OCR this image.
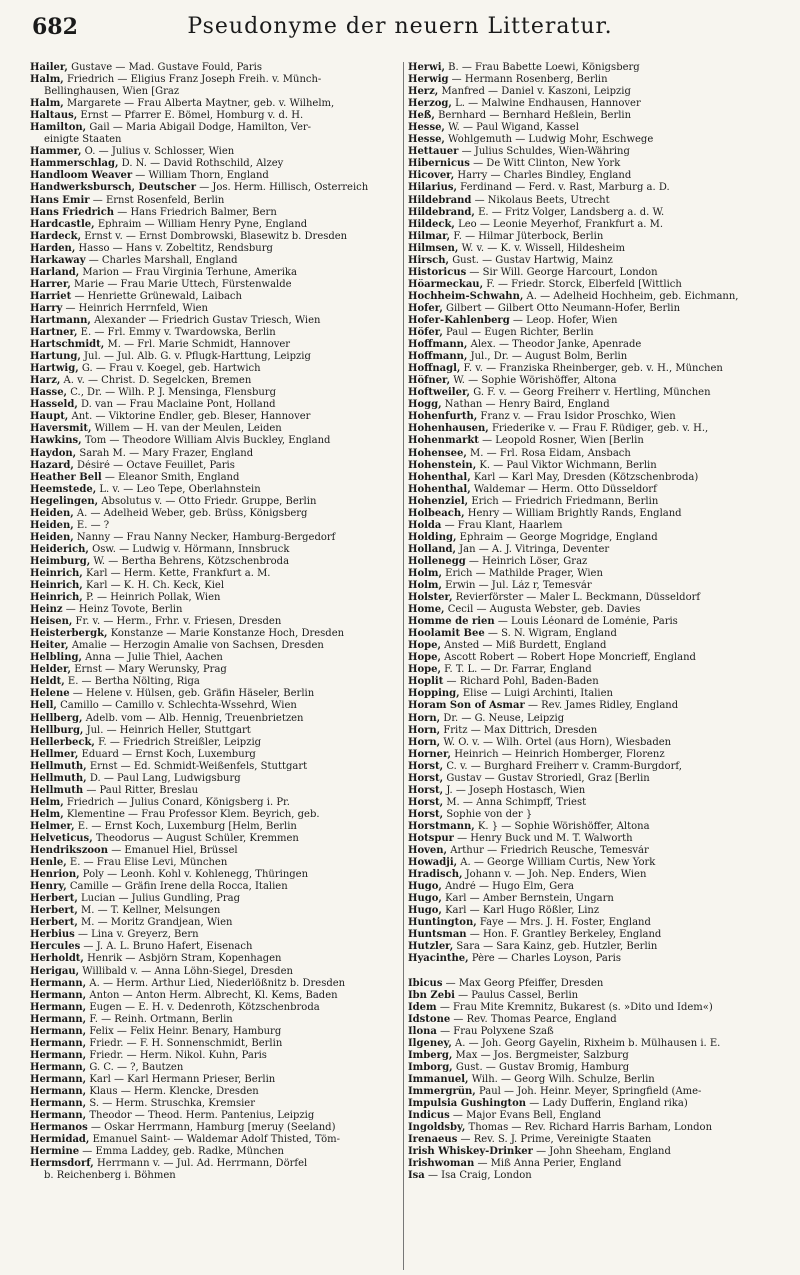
682	Pseudonyme der neuern Litteratur.
Hailer, Gustave — Mad. Gustave Fould, Paris
Halm, Friedrich — Eligius Franz Joseph Freih. v. Münch-
Bellinghausen, Wien [Graz
Halm, Margarete — Frau Alberta Maytner, geb. v. Wilhelm,
Haltaus, Ernst — Pfarrer E. Bömel, Homburg v. d. H.
Hamilton, Gail — Maria Abigail Dodge, Hamilton, Ver-
einigte Staaten
Hammer, O. — Julius v. Schlosser, Wien
Hammerschlag, D. N. — David Rothschild, Alzey
Handloom Weaver — William Thorn, England
Handwerksbursch, Deutscher — Jos. Herm. Hillisch, Österreich
Hans Emir — Ernst Rosenfeld, Berlin
Hans Friedrich — Hans Friedrich Balmer, Bern
Hardcastle, Ephraim — William Henry Pyne, England
Hardeck, Ernst v. — Ernst Dombrowski, Blasewitz b. Dresden
Harden, Hasso — Hans v. Zobeltitz, Rendsburg
Harkaway — Charles Marshall, England
Harland, Marion — Frau Virginia Terhune, Amerika
Harrer, Marie — Frau Marie Uttech, Fürstenwalde
Harriet — Henriette Grünewald, Laibach
Harry — Heinrich Herrnfeld, Wien
Hartmann, Alexander — Friedrich Gustav Triesch, Wien
Hartner, E. — Frl. Emmy v. Twardowska, Berlin
Hartschmidt, M. — Frl. Marie Schmidt, Hannover
Hartung, Jul. — Jul. Alb. G. v. Pflugk-Harttung, Leipzig
Hartwig, G. — Frau v. Koegel, geb. Hartwich
Harz, A. v. — Christ. D. Segelcken, Bremen
Hasse, C., Dr. — Wilh. P. J. Mensinga, Flensburg
Hasseld, D. van — Frau Maclaine Pont, Holland
Haupt, Ant. — Viktorine Endler, geb. Bleser, Hannover
Haversmit, Willem — H. van der Meulen, Leiden
Hawkins, Tom — Theodore William Alvis Buckley, England
Haydon, Sarah M. — Mary Frazer, England
Hazard, Désiré — Octave Feuillet, Paris
Heather Bell — Eleanor Smith, England
Heemstede, L. v. — Leo Tepe, Oberlahnstein
Hegelingen, Absolutus v. — Otto Friedr. Gruppe, Berlin
Heiden, A. — Adelheid Weber, geb. Brüss, Königsberg
Heiden, E. — ?
Heiden, Nanny — Frau Nanny Necker, Hamburg-Bergedorf
Heiderich, Osw. — Ludwig v. Hörmann, Innsbruck
Heimburg, W. — Bertha Behrens, Kötzschenbroda
Heinrich, Karl — Herm. Kette, Frankfurt a. M.
Heinrich, Karl — K. H. Ch. Keck, Kiel
Heinrich, P. — Heinrich Pollak, Wien
Heinz — Heinz Tovote, Berlin
Heisen, Fr. v. — Herm., Frhr. v. Friesen, Dresden
Heisterbergk, Konstanze — Marie Konstanze Hoch, Dresden
Heiter, Amalie — Herzogin Amalie von Sachsen, Dresden
Helbling, Anna — Julie Thiel, Aachen
Helder, Ernst — Mary Werunsky, Prag
Heldt, E. — Bertha Nölting, Riga
Helene — Helene v. Hülsen, geb. Gräfin Häseler, Berlin
Hell, Camillo — Camillo v. Schlechta-Wssehrd, Wien
Hellberg, Adelb. vom — Alb. Hennig, Treuenbrietzen
Hellburg, Jul. — Heinrich Heller, Stuttgart
Hellerbeck, F. — Friedrich Streißler, Leipzig
Hellmer, Eduard — Ernst Koch, Luxemburg
Hellmuth, Ernst — Ed. Schmidt-Weißenfels, Stuttgart
Hellmuth, D. — Paul Lang, Ludwigsburg
Hellmuth — Paul Ritter, Breslau
Helm, Friedrich — Julius Conard, Königsberg i. Pr.
Helm, Klementine — Frau Professor Klem. Beyrich, geb.
Helmer, E. — Ernst Koch, Luxemburg [Helm, Berlin
Helveticus, Theodorus — August Schüler, Kremmen
Hendrikszoon — Emanuel Hiel, Brüssel
Henle, E. — Frau Elise Levi, München
Henrion, Poly — Leonh. Kohl v. Kohlenegg, Thüringen
Henry, Camille — Gräfin Irene della Rocca, Italien
Herbert, Lucian — Julius Gundling, Prag
Herbert, M. — T. Kellner, Melsungen
Herbert, M. — Moritz Grandjean, Wien
Herbius — Lina v. Greyerz, Bern
Hercules — J. A. L. Bruno Hafert, Eisenach
Herholdt, Henrik — Asbjörn Stram, Kopenhagen
Herigau, Willibald v. — Anna Löhn-Siegel, Dresden
Hermann, A. — Herm. Arthur Lied, Niederlößnitz b. Dresden
Hermann, Anton — Anton Herm. Albrecht, Kl. Kems, Baden
Hermann, Eugen — E. H. v. Dedenroth, Kötzschenbroda
Hermann, F. — Reinh. Ortmann, Berlin
Hermann, Felix — Felix Heinr. Benary, Hamburg
Hermann, Friedr. — F. H. Sonnenschmidt, Berlin
Hermann, Friedr. — Herm. Nikol. Kuhn, Paris
Hermann, G. C. — ?, Bautzen
Hermann, Karl — Karl Hermann Prieser, Berlin
Hermann, Klaus — Herm. Klencke, Dresden
Hermann, S. — Herm. Struschka, Kremsier
Hermann, Theodor — Theod. Herm. Pantenius, Leipzig
Hermanos — Oskar Herrmann, Hamburg [meruy (Seeland)
Hermidad, Emanuel Saint- — Waldemar Adolf Thisted, Töm-
Hermine — Emma Laddey, geb. Radke, München
Hermsdorf, Herrmann v. — Jul. Ad. Herrmann, Dörfel
b. Reichenberg i. Böhmen
Herwi, B. — Frau Babette Loewi, Königsberg
Herwig — Hermann Rosenberg, Berlin
Herz, Manfred — Daniel v. Kaszoni, Leipzig
Herzog, L. — Malwine Endhausen, Hannover
Heß, Bernhard — Bernhard Heßlein, Berlin
Hesse, W. — Paul Wigand, Kassel
Hesse, Wohlgemuth — Ludwig Mohr, Eschwege
Hettauer — Julius Schuldes, Wien-Währing
Hibernicus — De Witt Clinton, New York
Hicover, Harry — Charles Bindley, England
Hilarius, Ferdinand — Ferd. v. Rast, Marburg a. D.
Hildebrand — Nikolaus Beets, Utrecht
Hildebrand, E. — Fritz Volger, Landsberg a. d. W.
Hildeck, Leo — Leonie Meyerhof, Frankfurt a. M.
Hilmar, F. — Hilmar Jüterbock, Berlin
Hilmsen, W. v. — K. v. Wissell, Hildesheim
Hirsch, Gust. — Gustav Hartwig, Mainz
Historicus — Sir Will. George Harcourt, London
Höarmeckau, F. — Friedr. Storck, Elberfeld [Wittlich
Hochheim-Schwahn, A. — Adelheid Hochheim, geb. Eichmann,
Hofer, Gilbert — Gilbert Otto Neumann-Hofer, Berlin
Hofer-Kahlenberg — Leop. Hofer, Wien
Höfer, Paul — Eugen Richter, Berlin
Hoffmann, Alex. — Theodor Janke, Apenrade
Hoffmann, Jul., Dr. — August Bolm, Berlin
Hoffnagl, F. v. — Franziska Rheinberger, geb. v. H., München
Höfner, W. — Sophie Wörishöffer, Altona
Hoftweiler, G. F. v. — Georg Freiherr v. Hertling, München
Hogg, Nathan — Henry Baird, England
Hohenfurth, Franz v. — Frau Isidor Proschko, Wien
Hohenhausen, Friederike v. — Frau F. Rüdiger, geb. v. H.,
Hohenmarkt — Leopold Rosner, Wien [Berlin
Hohensee, M. — Frl. Rosa Eidam, Ansbach
Hohenstein, K. — Paul Viktor Wichmann, Berlin
Hohenthal, Karl — Karl May, Dresden (Kötzschenbroda)
Hohenthal, Waldemar — Herm. Otto Düsseldorf
Hohenziel, Erich — Friedrich Friedmann, Berlin
Holbeach, Henry — William Brightly Rands, England
Holda — Frau Klant, Haarlem
Holding, Ephraim — George Mogridge, England
Holland, Jan — A. J. Vitringa, Deventer
Hollenegg — Heinrich Löser, Graz
Holm, Erich — Mathilde Prager, Wien
Holm, Erwin — Jul. Láz r, Temesvár
Holster, Revierförster — Maler L. Beckmann, Düsseldorf
Home, Cecil — Augusta Webster, geb. Davies
Homme de rien — Louis Léonard de Loménie, Paris
Hoolamit Bee — S. N. Wigram, England
Hope, Ansted — Miß Burdett, England
Hope, Ascott Robert — Robert Hope Moncrieff, England
Hope, F. T. L. — Dr. Farrar, England
Hoplit — Richard Pohl, Baden-Baden
Hopping, Elise — Luigi Archinti, Italien
Horam Son of Asmar — Rev. James Ridley, England
Horn, Dr. — G. Neuse, Leipzig
Horn, Fritz — Max Dittrich, Dresden
Horn, W. O. v. — Wilh. Örtel (aus Horn), Wiesbaden
Horner, Heinrich — Heinrich Homberger, Florenz
Horst, C. v. — Burghard Freiherr v. Cramm-Burgdorf,
Horst, Gustav — Gustav Stroriedl, Graz [Berlin
Horst, J. — Joseph Hostasch, Wien
Horst, M. — Anna Schimpff, Triest
Horst, Sophie von der }
Horstmann, K. } — Sophie Wörishöffer, Altona
Hotspur — Henry Buck und M. T. Walworth
Hoven, Arthur — Friedrich Reusche, Temesvár
Howadji, A. — George William Curtis, New York
Hradisch, Johann v. — Joh. Nep. Enders, Wien
Hugo, André — Hugo Elm, Gera
Hugo, Karl — Amber Bernstein, Ungarn
Hugo, Karl — Karl Hugo Rößler, Linz
Huntington, Faye — Mrs. J. H. Foster, England
Huntsman — Hon. F. Grantley Berkeley, England
Hutzler, Sara — Sara Kainz, geb. Hutzler, Berlin
Hyacinthe, Père — Charles Loyson, Paris

Ibicus — Max Georg Pfeiffer, Dresden
Ibn Zebi — Paulus Cassel, Berlin
Idem — Frau Mite Kremnitz, Bukarest (s. »Dito und Idem«)
Idstone — Rev. Thomas Pearce, England
Ilona — Frau Polyxene Szaß
Ilgeney, A. — Joh. Georg Gayelin, Rixheim b. Mülhausen i. E.
Imberg, Max — Jos. Bergmeister, Salzburg
Imborg, Gust. — Gustav Bromig, Hamburg
Immanuel, Wilh. — Georg Wilh. Schulze, Berlin
Immergrün, Paul — Joh. Heinr. Meyer, Springfield (Ame-
Impulsia Gushington — Lady Dufferin, England rika)
Indicus — Major Evans Bell, England
Ingoldsby, Thomas — Rev. Richard Harris Barham, London
Irenaeus — Rev. S. J. Prime, Vereinigte Staaten
Irish Whiskey-Drinker — John Sheeham, England
Irishwoman — Miß Anna Perier, England
Isa — Isa Craig, London
